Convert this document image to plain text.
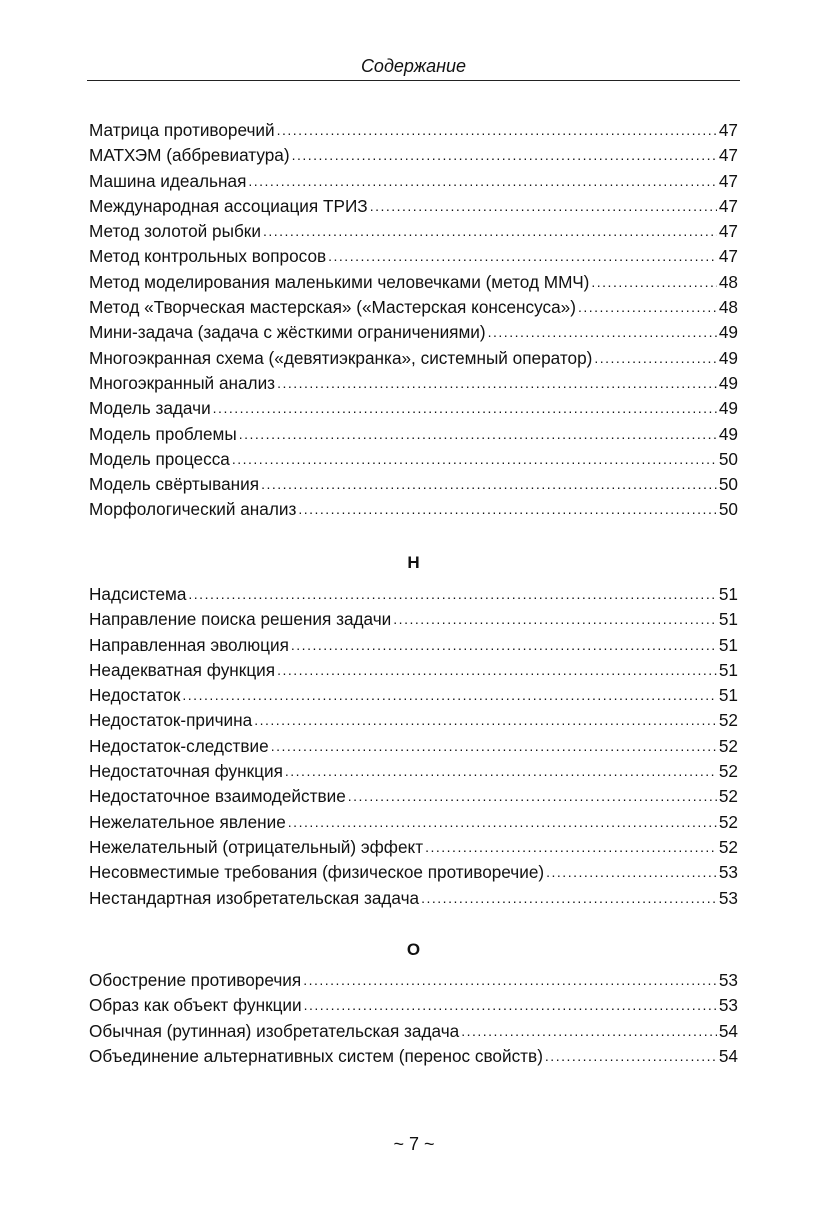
Содержание
Матрица противоречий .....	47
МАТХЭМ (аббревиатура) .....	47
Машина идеальная .....	47
Международная ассоциация ТРИЗ .....	47
Метод золотой рыбки .....	47
Метод контрольных вопросов .....	47
Метод моделирования маленькими человечками (метод ММЧ) .....	48
Метод «Творческая мастерская» («Мастерская консенсуса») .....	48
Мини-задача (задача с жёсткими ограничениями) .....	49
Многоэкранная схема («девятиэкранка», системный оператор) .....	49
Многоэкранный анализ .....	49
Модель задачи .....	49
Модель проблемы .....	49
Модель процесса .....	50
Модель свёртывания .....	50
Морфологический анализ .....	50
Н
Надсистема .....	51
Направление поиска решения задачи .....	51
Направленная эволюция .....	51
Неадекватная функция .....	51
Недостаток .....	51
Недостаток-причина .....	52
Недостаток-следствие .....	52
Недостаточная функция .....	52
Недостаточное взаимодействие .....	52
Нежелательное явление .....	52
Нежелательный (отрицательный) эффект .....	52
Несовместимые требования (физическое противоречие) .....	53
Нестандартная изобретательская задача .....	53
О
Обострение противоречия .....	53
Образ как объект функции .....	53
Обычная (рутинная) изобретательская задача .....	54
Объединение альтернативных систем (перенос свойств) .....	54
~ 7 ~
